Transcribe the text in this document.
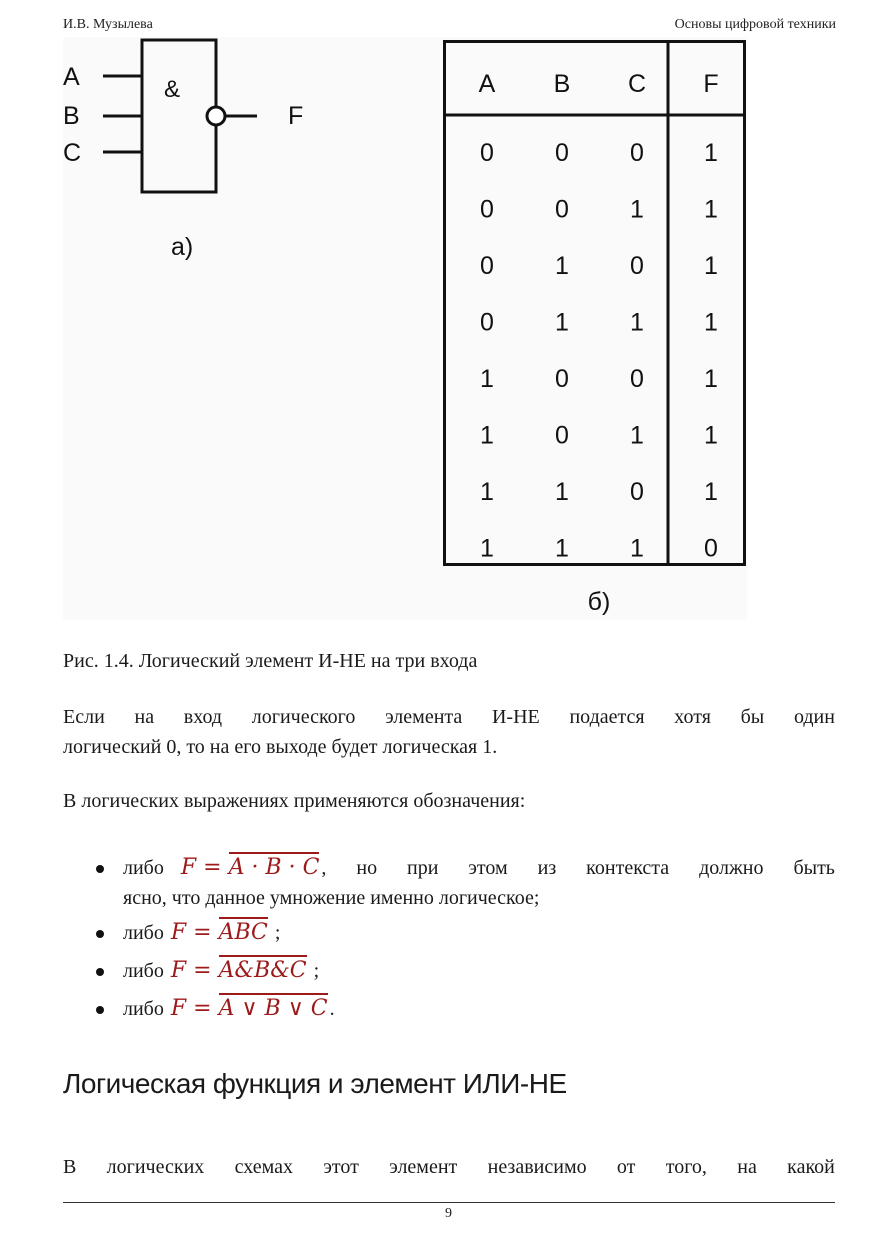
И.В. Музылева	Основы цифровой техники
A
B
C
&
F
а)
A B C F
0 0 0 1
0 0 1 1
0 1 0 1
0 1 1 1
1 0 0 1
1 0 1 1
1 1 0 1
1 1 1 0
б)

Рис. 1.4. Логический элемент И-НЕ на три входа

Если на вход логического элемента И-НЕ подается хотя бы один
логический 0, то на его выходе будет логическая 1.

В логических выражениях применяются обозначения:

либо F = A · B · C , но при этом из контекста должно быть
ясно, что данное умножение именно логическое;
либо F = ABC ;
либо F = A&B&C ;
либо F = A ∨ B ∨ C .
Логическая функция и элемент ИЛИ-НЕ
В логических схемах этот элемент независимо от того, на какой
9
